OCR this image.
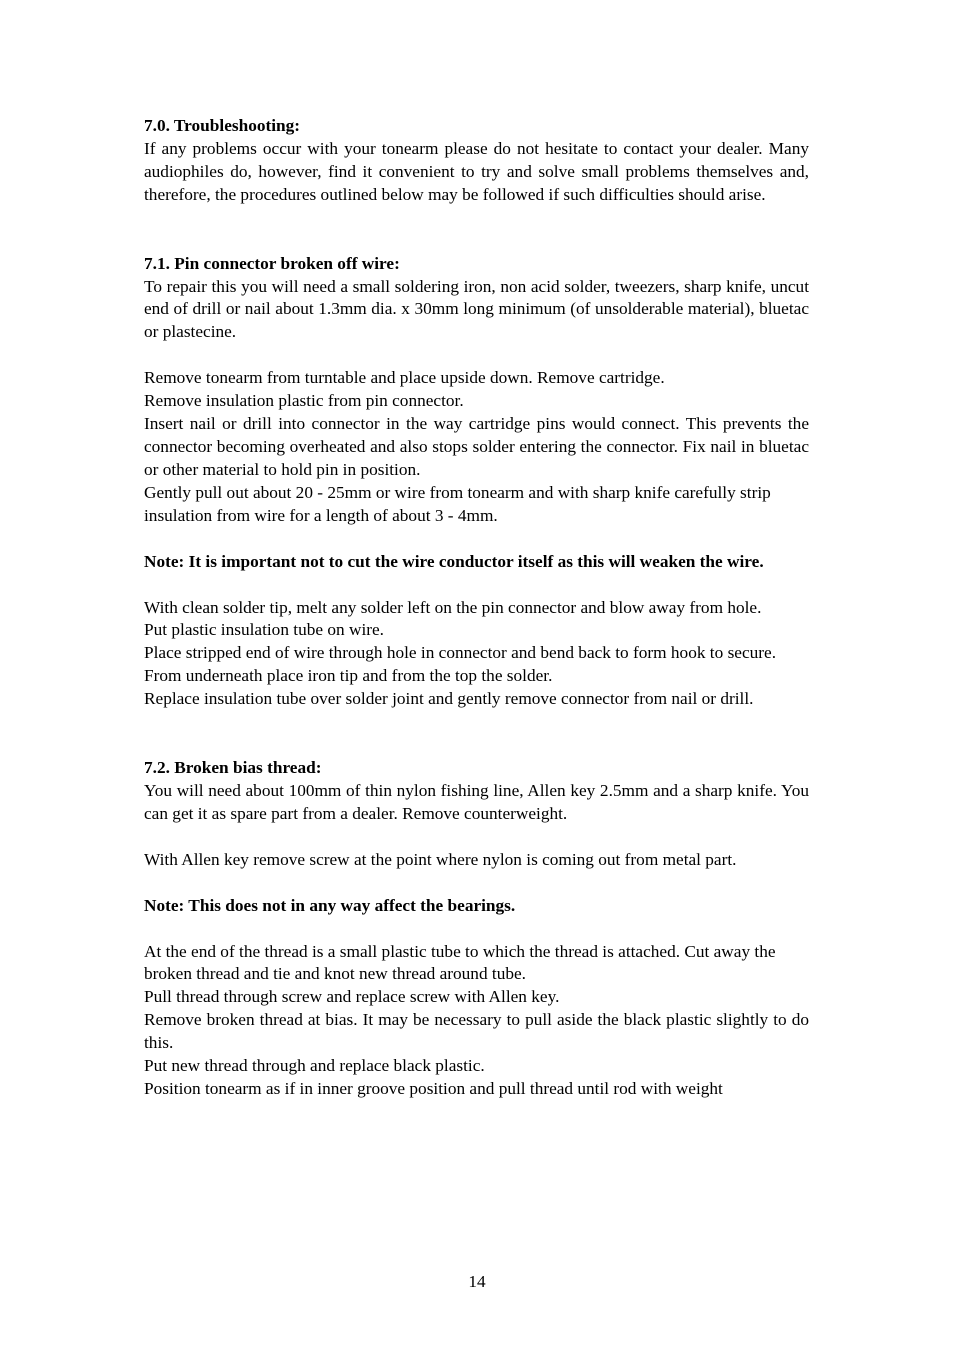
7.0. Troubleshooting:

If any problems occur with your tonearm please do not hesitate to contact your dealer. Many audiophiles do, however, find it convenient to try and solve small problems themselves and, therefore, the procedures outlined below may be followed if such difficulties should arise.

7.1. Pin connector broken off wire:

To repair this you will need a small soldering iron, non acid solder, tweezers, sharp knife, uncut end of drill or nail about 1.3mm dia. x 30mm long minimum (of unsolderable material), bluetac or plastecine.

Remove tonearm from turntable and place upside down. Remove cartridge.

Remove insulation plastic from pin connector.

Insert nail or drill into connector in the way cartridge pins would connect. This prevents the connector becoming overheated and also stops solder entering the connector. Fix nail in bluetac or other material to hold pin in position.

Gently pull out about 20 - 25mm or wire from tonearm and with sharp knife carefully strip insulation from wire for a length of about 3 - 4mm.

Note: It is important not to cut the wire conductor itself as this will weaken the wire.

With clean solder tip, melt any solder left on the pin connector and blow away from hole.

Put plastic insulation tube on wire.

Place stripped end of wire through hole in connector and bend back to form hook to secure.

From underneath place iron tip and from the top the solder.

Replace insulation tube over solder joint and gently remove connector from nail or drill.

7.2. Broken bias thread:

You will need about 100mm of thin nylon fishing line, Allen key 2.5mm and a sharp knife. You can get it as spare part from a dealer. Remove counterweight.

With Allen key remove screw at the point where nylon is coming out from metal part.

Note: This does not in any way affect the bearings.

At the end of the thread is a small plastic tube to which the thread is attached. Cut away the broken thread and tie and knot new thread around tube.

Pull thread through screw and replace screw with Allen key.

Remove broken thread at bias. It may be necessary to pull aside the black plastic slightly to do this.

Put new thread through and replace black plastic.

Position tonearm as if in inner groove position and pull thread until rod with weight

14
